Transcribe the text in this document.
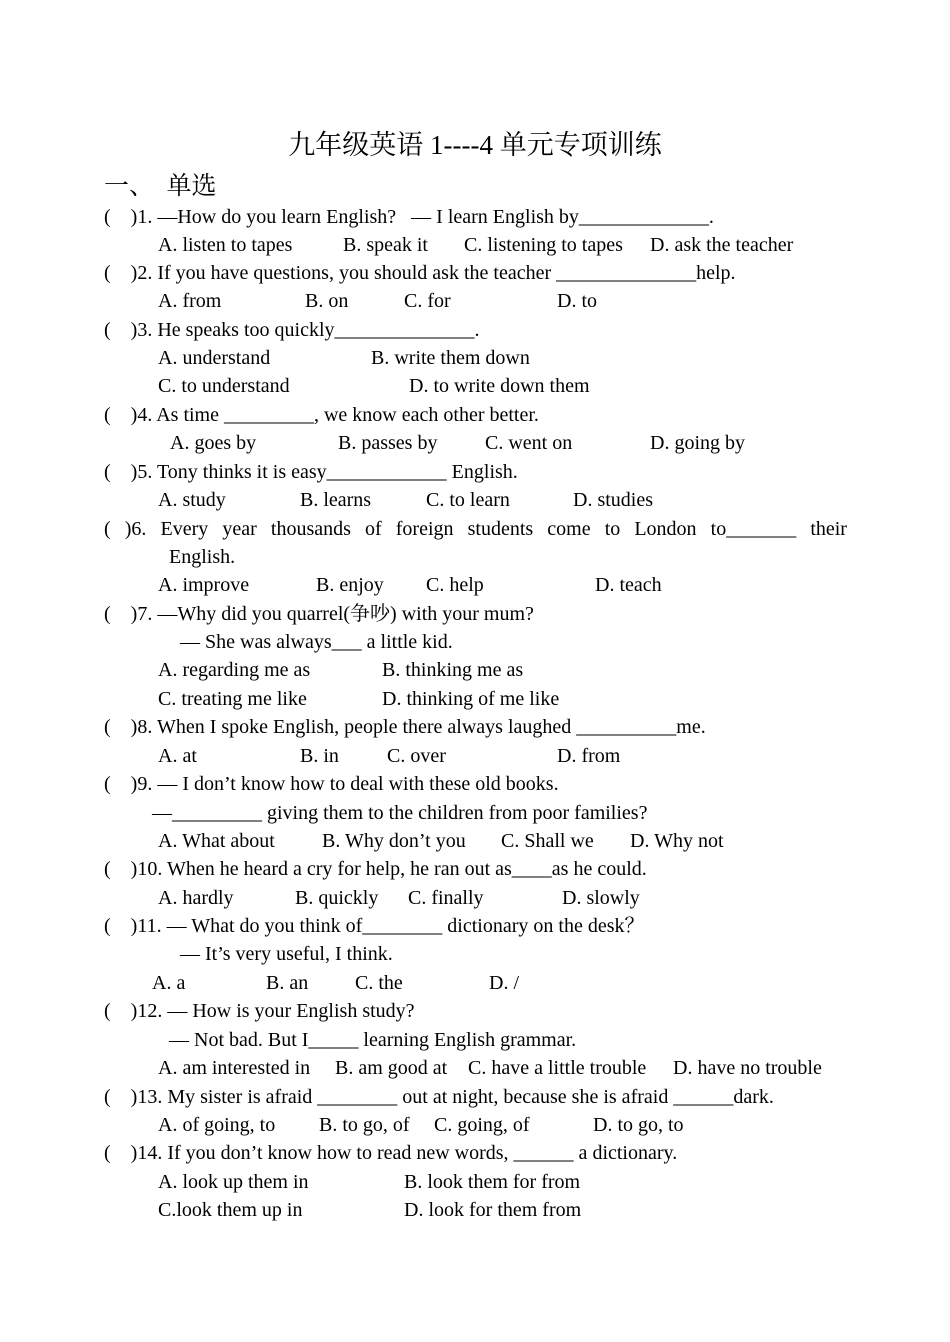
九年级英语 1----4 单元专项训练
一、  单选
(    )1. —How do you learn English?   — I learn English by_____________.
A. listen to tapes	B. speak it C. listening to tapes D. ask the teacher
(    )2. If you have questions, you should ask the teacher ______________help.
A. from	B. on	C. for	D. to
(    )3. He speaks too quickly______________.
A. understand	B. write them down
C. to understand	D. to write down them
(    )4. As time _________, we know each other better.
A. goes by	B. passes by C. went on	D. going by
(    )5. Tony thinks it is easy____________ English.
A. study	B. learns	C. to learn	D. studies
( )6. Every year thousands of foreign students come to London to_______ their
English.
A. improve	B. enjoy C. help	D. teach
(    )7. —Why did you quarrel(争吵) with your mum?
— She was always___ a little kid.
A. regarding me as	B. thinking me as
C. treating me like	D. thinking of me like
(    )8. When I spoke English, people there always laughed __________me.
A. at	B. in C. over	D. from
(    )9. — I don’t know how to deal with these old books.
—_________ giving them to the children from poor families?
A. What about B. Why don’t you C. Shall we D. Why not
(    )10. When he heard a cry for help, he ran out as____as he could.
A. hardly	B. quickly C. finally	D. slowly
(    )11. — What do you think of________ dictionary on the desk？
— It’s very useful, I think.
A. a	B. an C. the	D. /
(    )12. — How is your English study?
— Not bad. But I_____ learning English grammar.
A. am interested in B. am good at C. have a little trouble D. have no trouble
(    )13. My sister is afraid ________ out at night, because she is afraid ______dark.
A. of going, to B. to go, of C. going, of	D. to go, to
(    )14. If you don’t know how to read new words, ______ a dictionary.
A. look up them in	B. look them for from
C.look them up in	D. look for them from
